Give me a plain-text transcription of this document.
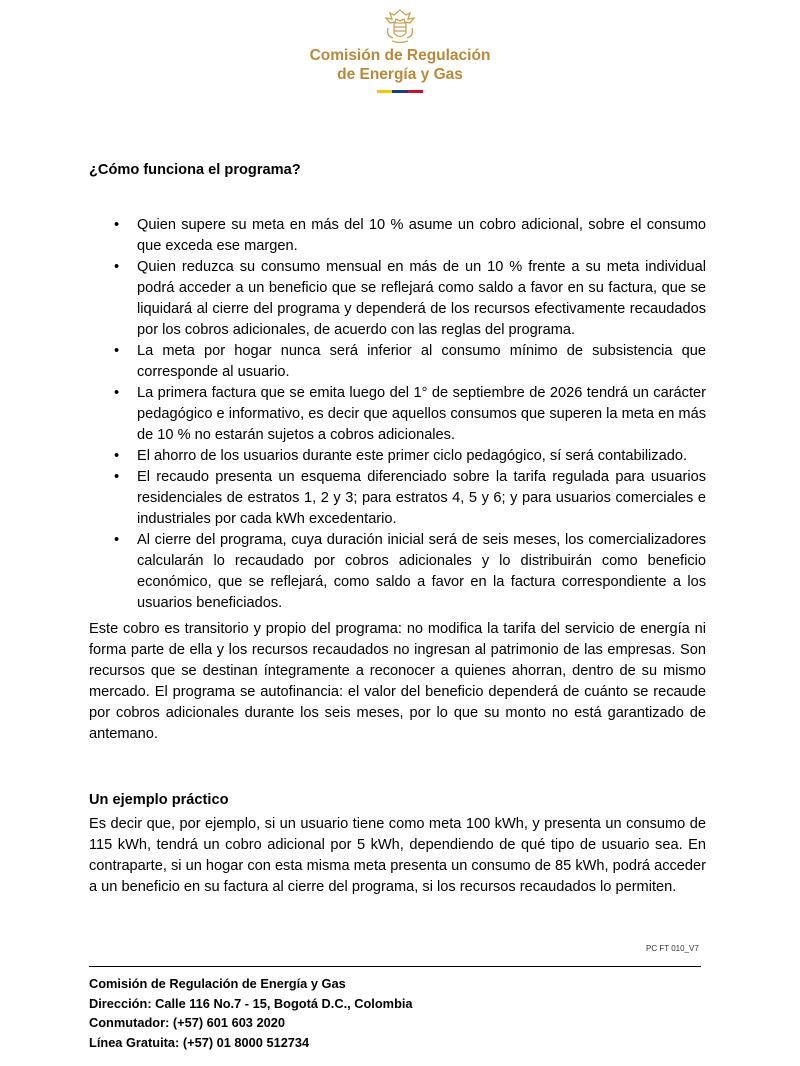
Comisión de Regulación
de Energía y Gas
¿Cómo funciona el programa?
• Quien supere su meta en más del 10 % asume un cobro adicional, sobre el consumo que exceda ese margen.
• Quien reduzca su consumo mensual en más de un 10 % frente a su meta individual podrá acceder a un beneficio que se reflejará como saldo a favor en su factura, que se liquidará al cierre del programa y dependerá de los recursos efectivamente recaudados por los cobros adicionales, de acuerdo con las reglas del programa.
• La meta por hogar nunca será inferior al consumo mínimo de subsistencia que corresponde al usuario.
• La primera factura que se emita luego del 1° de septiembre de 2026 tendrá un carácter pedagógico e informativo, es decir que aquellos consumos que superen la meta en más de 10 % no estarán sujetos a cobros adicionales.
• El ahorro de los usuarios durante este primer ciclo pedagógico, sí será contabilizado.
• El recaudo presenta un esquema diferenciado sobre la tarifa regulada para usuarios residenciales de estratos 1, 2 y 3; para estratos 4, 5 y 6; y para usuarios comerciales e industriales por cada kWh excedentario.
• Al cierre del programa, cuya duración inicial será de seis meses, los comercializadores calcularán lo recaudado por cobros adicionales y lo distribuirán como beneficio económico, que se reflejará, como saldo a favor en la factura correspondiente a los usuarios beneficiados.

Este cobro es transitorio y propio del programa: no modifica la tarifa del servicio de energía ni forma parte de ella y los recursos recaudados no ingresan al patrimonio de las empresas. Son recursos que se destinan íntegramente a reconocer a quienes ahorran, dentro de su mismo mercado. El programa se autofinancia: el valor del beneficio dependerá de cuánto se recaude por cobros adicionales durante los seis meses, por lo que su monto no está garantizado de antemano.

Un ejemplo práctico

Es decir que, por ejemplo, si un usuario tiene como meta 100 kWh, y presenta un consumo de 115 kWh, tendrá un cobro adicional por 5 kWh, dependiendo de qué tipo de usuario sea. En contraparte, si un hogar con esta misma meta presenta un consumo de 85 kWh, podrá acceder a un beneficio en su factura al cierre del programa, si los recursos recaudados lo permiten.

PC FT 010_V7
Comisión de Regulación de Energía y Gas
Dirección: Calle 116 No.7 - 15, Bogotá D.C., Colombia
Conmutador: (+57) 601 603 2020
Línea Gratuita: (+57) 01 8000 512734
